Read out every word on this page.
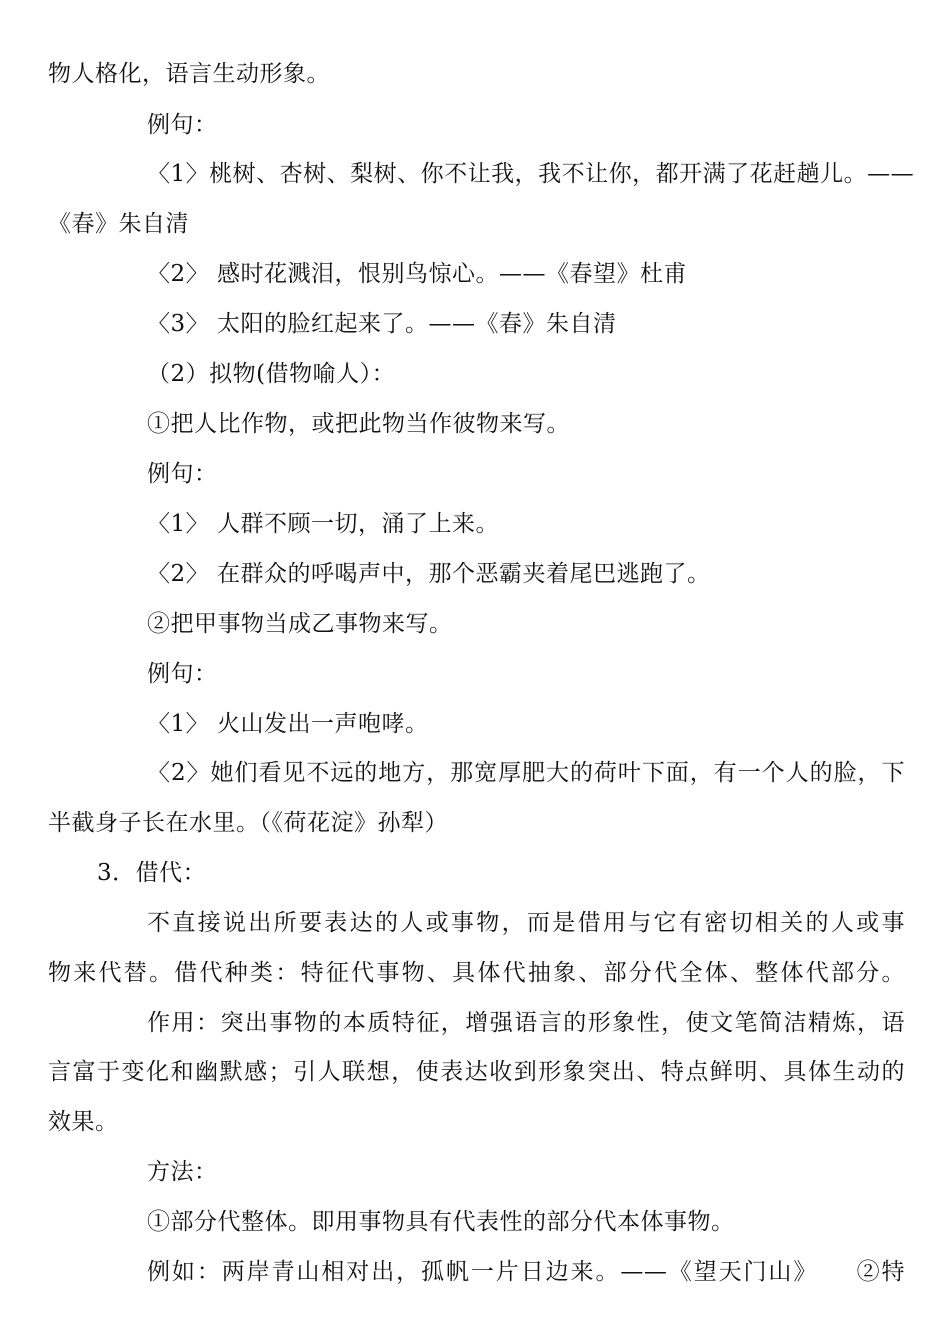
物人格化，语言生动形象。
例句：
〈1〉桃树、杏树、梨树、你不让我，我不让你，都开满了花赶趟儿。——
《春》朱自清
〈2〉 感时花溅泪，恨别鸟惊心。——《春望》杜甫
〈3〉 太阳的脸红起来了。——《春》朱自清
（2）拟物(借物喻人）：
①把人比作物，或把此物当作彼物来写。
例句：
〈1〉 人群不顾一切，涌了上来。
〈2〉 在群众的呼喝声中，那个恶霸夹着尾巴逃跑了。
②把甲事物当成乙事物来写。
例句：
〈1〉 火山发出一声咆哮。
〈2〉她们看见不远的地方，那宽厚肥大的荷叶下面，有一个人的脸，下
半截身子长在水里。（《荷花淀》孙犁）
3．借代：
不直接说出所要表达的人或事物，而是借用与它有密切相关的人或事
物来代替。借代种类：特征代事物、具体代抽象、部分代全体、整体代部分。
作用：突出事物的本质特征，增强语言的形象性，使文笔简洁精炼，语
言富于变化和幽默感；引人联想，使表达收到形象突出、特点鲜明、具体生动的
效果。
方法：
①部分代整体。即用事物具有代表性的部分代本体事物。
例如：两岸青山相对出，孤帆一片日边来。——《望天门山》　　②特
